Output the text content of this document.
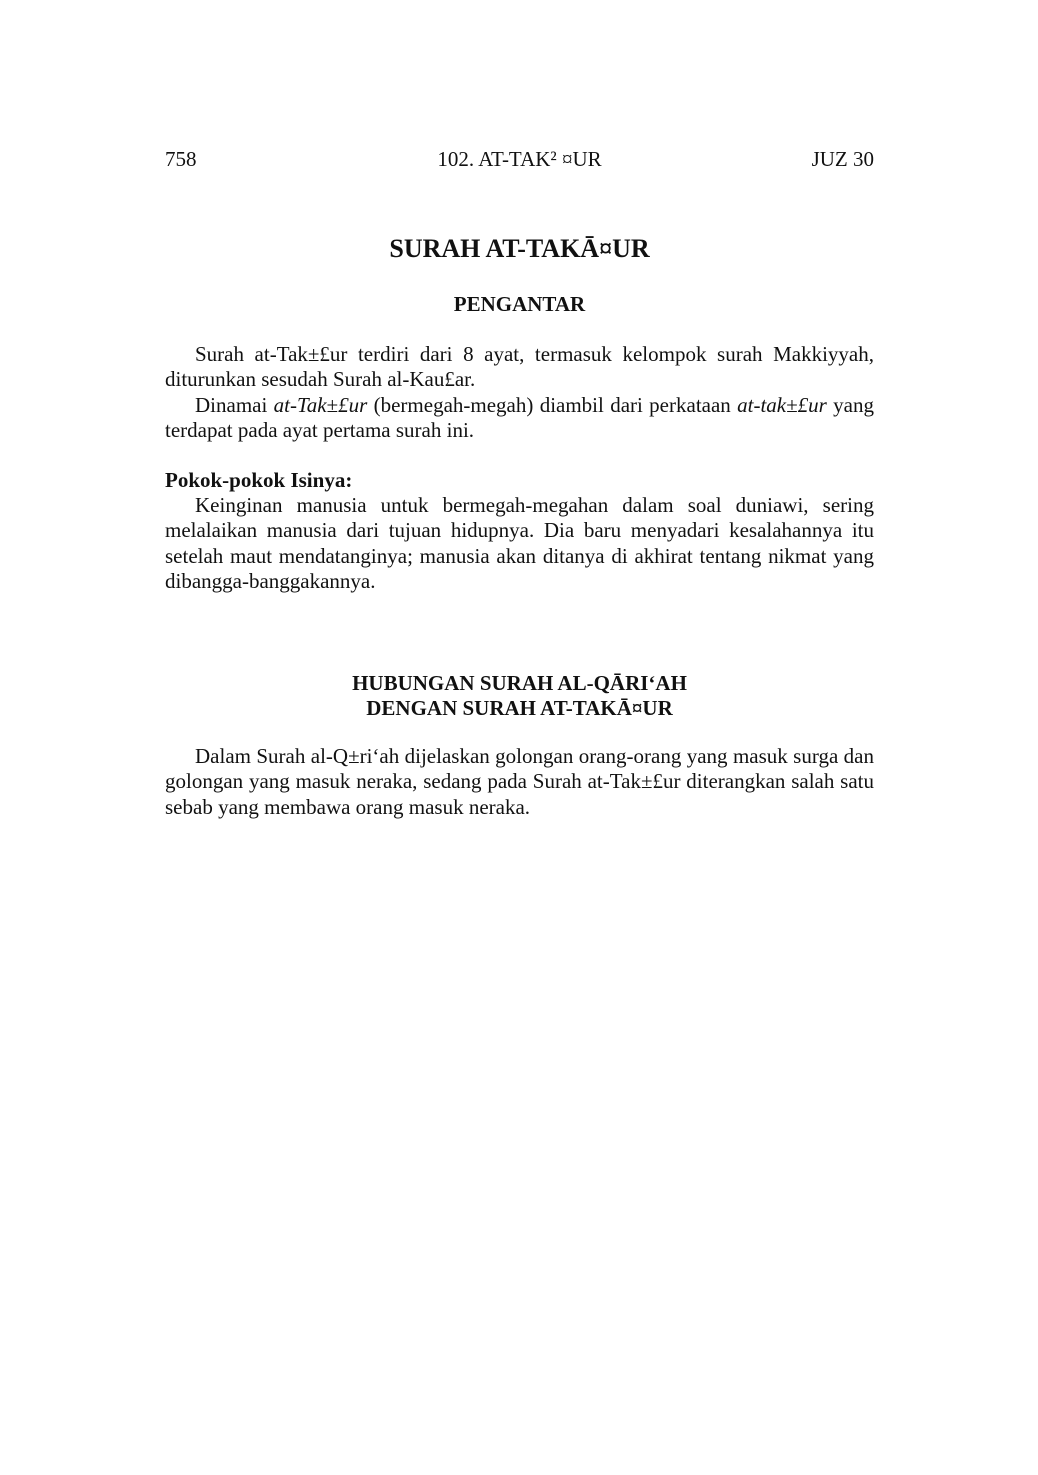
758	102. AT-TAK² ¤UR	JUZ 30
SURAH AT-TAKĀ¤UR
PENGANTAR

Surah at-Tak±£ur terdiri dari 8 ayat, termasuk kelompok surah Makkiyyah, diturunkan sesudah Surah al-Kau£ar.

Dinamai at-Tak±£ur (bermegah-megah) diambil dari perkataan at-tak±£ur yang terdapat pada ayat pertama surah ini.

Pokok-pokok Isinya:

Keinginan manusia untuk bermegah-megahan dalam soal duniawi, sering melalaikan manusia dari tujuan hidupnya. Dia baru menyadari kesalahannya itu setelah maut mendatanginya; manusia akan ditanya di akhirat tentang nikmat yang dibangga-banggakannya.

HUBUNGAN SURAH AL-QĀRI‘AH
DENGAN SURAH AT-TAKĀ¤UR

Dalam Surah al-Q±ri‘ah dijelaskan golongan orang-orang yang masuk surga dan golongan yang masuk neraka, sedang pada Surah at-Tak±£ur diterangkan salah satu sebab yang membawa orang masuk neraka.
